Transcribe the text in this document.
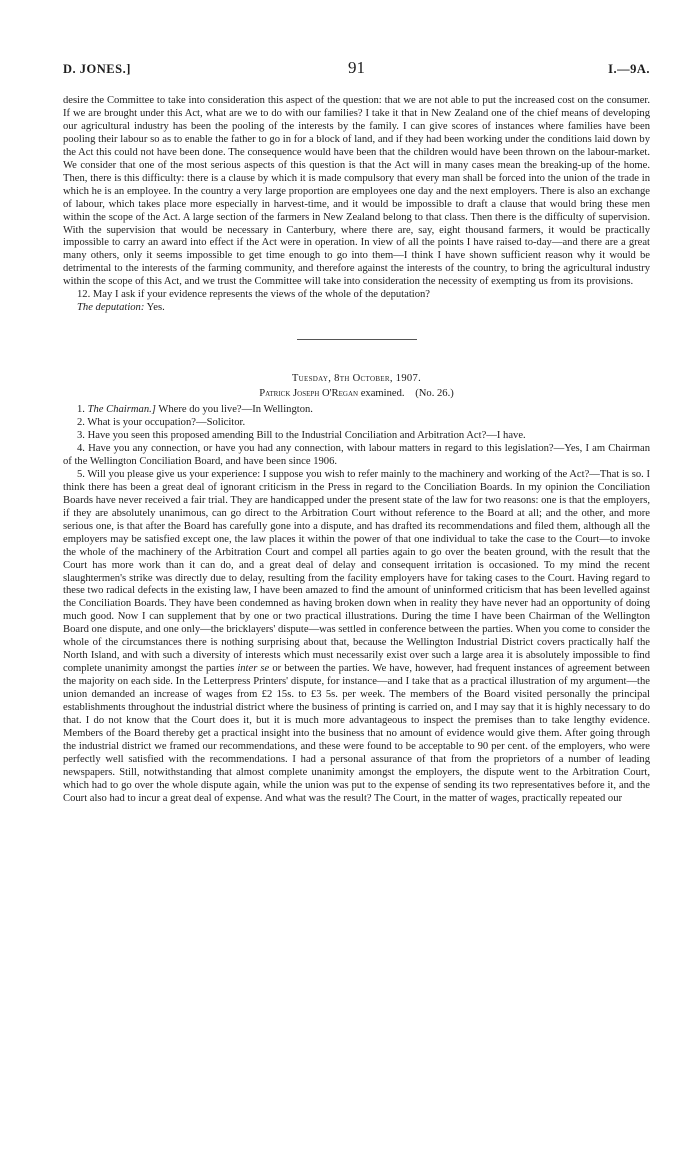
D. JONES.]	91	I.—9A.

desire the Committee to take into consideration this aspect of the question: that we are not able to put the increased cost on the consumer. If we are brought under this Act, what are we to do with our families? I take it that in New Zealand one of the chief means of developing our agricultural industry has been the pooling of the interests by the family. I can give scores of instances where families have been pooling their labour so as to enable the father to go in for a block of land, and if they had been working under the conditions laid down by the Act this could not have been done. The consequence would have been that the children would have been thrown on the labour-market. We consider that one of the most serious aspects of this question is that the Act will in many cases mean the breaking-up of the home. Then, there is this difficulty: there is a clause by which it is made compulsory that every man shall be forced into the union of the trade in which he is an employee. In the country a very large proportion are employees one day and the next employers. There is also an exchange of labour, which takes place more especially in harvest-time, and it would be impossible to draft a clause that would bring these men within the scope of the Act. A large section of the farmers in New Zealand belong to that class. Then there is the difficulty of supervision. With the supervision that would be necessary in Canterbury, where there are, say, eight thousand farmers, it would be practically impossible to carry an award into effect if the Act were in operation. In view of all the points I have raised to-day—and there are a great many others, only it seems impossible to get time enough to go into them—I think I have shown sufficient reason why it would be detrimental to the interests of the farming community, and therefore against the interests of the country, to bring the agricultural industry within the scope of this Act, and we trust the Committee will take into consideration the necessity of exempting us from its provisions.

12. May I ask if your evidence represents the views of the whole of the deputation?

The deputation: Yes.

Tuesday, 8th October, 1907.
Patrick Joseph O'Regan examined. (No. 26.)

1. The Chairman.] Where do you live?—In Wellington.

2. What is your occupation?—Solicitor.

3. Have you seen this proposed amending Bill to the Industrial Conciliation and Arbitration Act?—I have.

4. Have you any connection, or have you had any connection, with labour matters in regard to this legislation?—Yes, I am Chairman of the Wellington Conciliation Board, and have been since 1906.

5. Will you please give us your experience: I suppose you wish to refer mainly to the machinery and working of the Act?—That is so. I think there has been a great deal of ignorant criticism in the Press in regard to the Conciliation Boards. In my opinion the Conciliation Boards have never received a fair trial. They are handicapped under the present state of the law for two reasons: one is that the employers, if they are absolutely unanimous, can go direct to the Arbitration Court without reference to the Board at all; and the other, and more serious one, is that after the Board has carefully gone into a dispute, and has drafted its recommendations and filed them, although all the employers may be satisfied except one, the law places it within the power of that one individual to take the case to the Court—to invoke the whole of the machinery of the Arbitration Court and compel all parties again to go over the beaten ground, with the result that the Court has more work than it can do, and a great deal of delay and consequent irritation is occasioned. To my mind the recent slaughtermen's strike was directly due to delay, resulting from the facility employers have for taking cases to the Court. Having regard to these two radical defects in the existing law, I have been amazed to find the amount of uninformed criticism that has been levelled against the Conciliation Boards. They have been condemned as having broken down when in reality they have never had an opportunity of doing much good. Now I can supplement that by one or two practical illustrations. During the time I have been Chairman of the Wellington Board one dispute, and one only—the bricklayers' dispute—was settled in conference between the parties. When you come to consider the whole of the circumstances there is nothing surprising about that, because the Wellington Industrial District covers practically half the North Island, and with such a diversity of interests which must necessarily exist over such a large area it is absolutely impossible to find complete unanimity amongst the parties inter se or between the parties. We have, however, had frequent instances of agreement between the majority on each side. In the Letterpress Printers' dispute, for instance—and I take that as a practical illustration of my argument—the union demanded an increase of wages from £2 15s. to £3 5s. per week. The members of the Board visited personally the principal establishments throughout the industrial district where the business of printing is carried on, and I may say that it is highly necessary to do that. I do not know that the Court does it, but it is much more advantageous to inspect the premises than to take lengthy evidence. Members of the Board thereby get a practical insight into the business that no amount of evidence would give them. After going through the industrial district we framed our recommendations, and these were found to be acceptable to 90 per cent. of the employers, who were perfectly well satisfied with the recommendations. I had a personal assurance of that from the proprietors of a number of leading newspapers. Still, notwithstanding that almost complete unanimity amongst the employers, the dispute went to the Arbitration Court, which had to go over the whole dispute again, while the union was put to the expense of sending its two representatives before it, and the Court also had to incur a great deal of expense. And what was the result? The Court, in the matter of wages, practically repeated our
